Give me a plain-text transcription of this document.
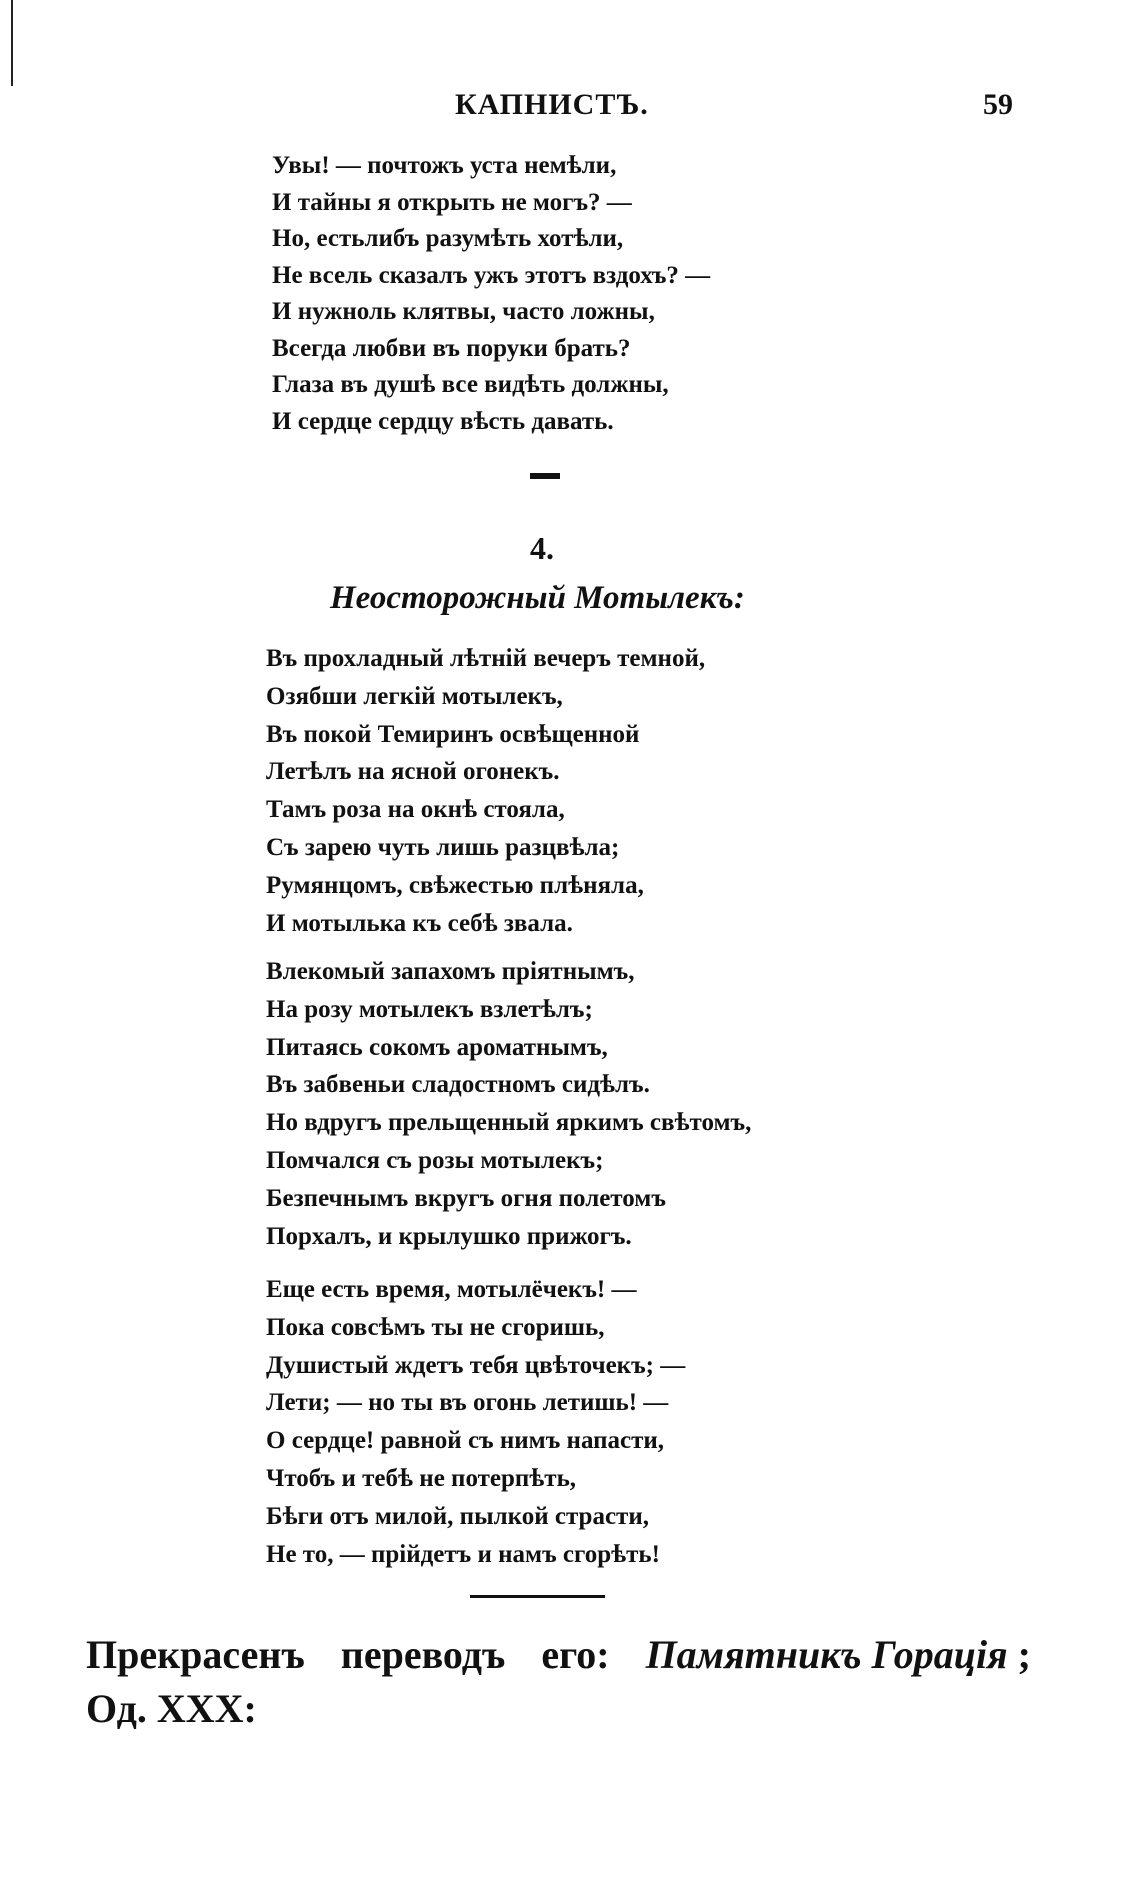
КАПНИСТЪ.	59
Увы! — почтожъ уста немѣли,
И тайны я открыть не могъ? —
Но, естьлибъ разумѣть хотѣли,
Не всель сказалъ ужъ этотъ вздохъ? —
И нужноль клятвы, часто ложны,
Всегда любви въ поруки брать?
Глаза въ душѣ все видѣть должны,
И сердце сердцу вѣсть давать.
4.
Неосторожный Мотылекъ:
Въ прохладный лѣтній вечеръ темной,
Озябши легкій мотылекъ,
Въ покой Темиринъ освѣщенной
Летѣлъ на ясной огонекъ.
Тамъ роза на окнѣ стояла,
Съ зарею чуть лишь разцвѣла;
Румянцомъ, свѣжестью плѣняла,
И мотылька къ себѣ звала.
Влекомый запахомъ пріятнымъ,
На розу мотылекъ взлетѣлъ;
Питаясь сокомъ ароматнымъ,
Въ забвеньи сладостномъ сидѣлъ.
Но вдругъ прельщенный яркимъ свѣтомъ,
Помчался съ розы мотылекъ;
Безпечнымъ вкругъ огня полетомъ
Порхалъ, и крылушко прижогъ.
Еще есть время, мотылёчекъ! —
Пока совсѣмъ ты не сгоришь,
Душистый ждетъ тебя цвѣточекъ; —
Лети; — но ты въ огонь летишь! —
О сердце! равной съ нимъ напасти,
Чтобъ и тебѣ не потерпѣть,
Бѣги отъ милой, пылкой страсти,
Не то, — прійдетъ и намъ сгорѣть!
Прекрасенъ переводъ его: Памятникъ Горація ;
Од. XXX:
